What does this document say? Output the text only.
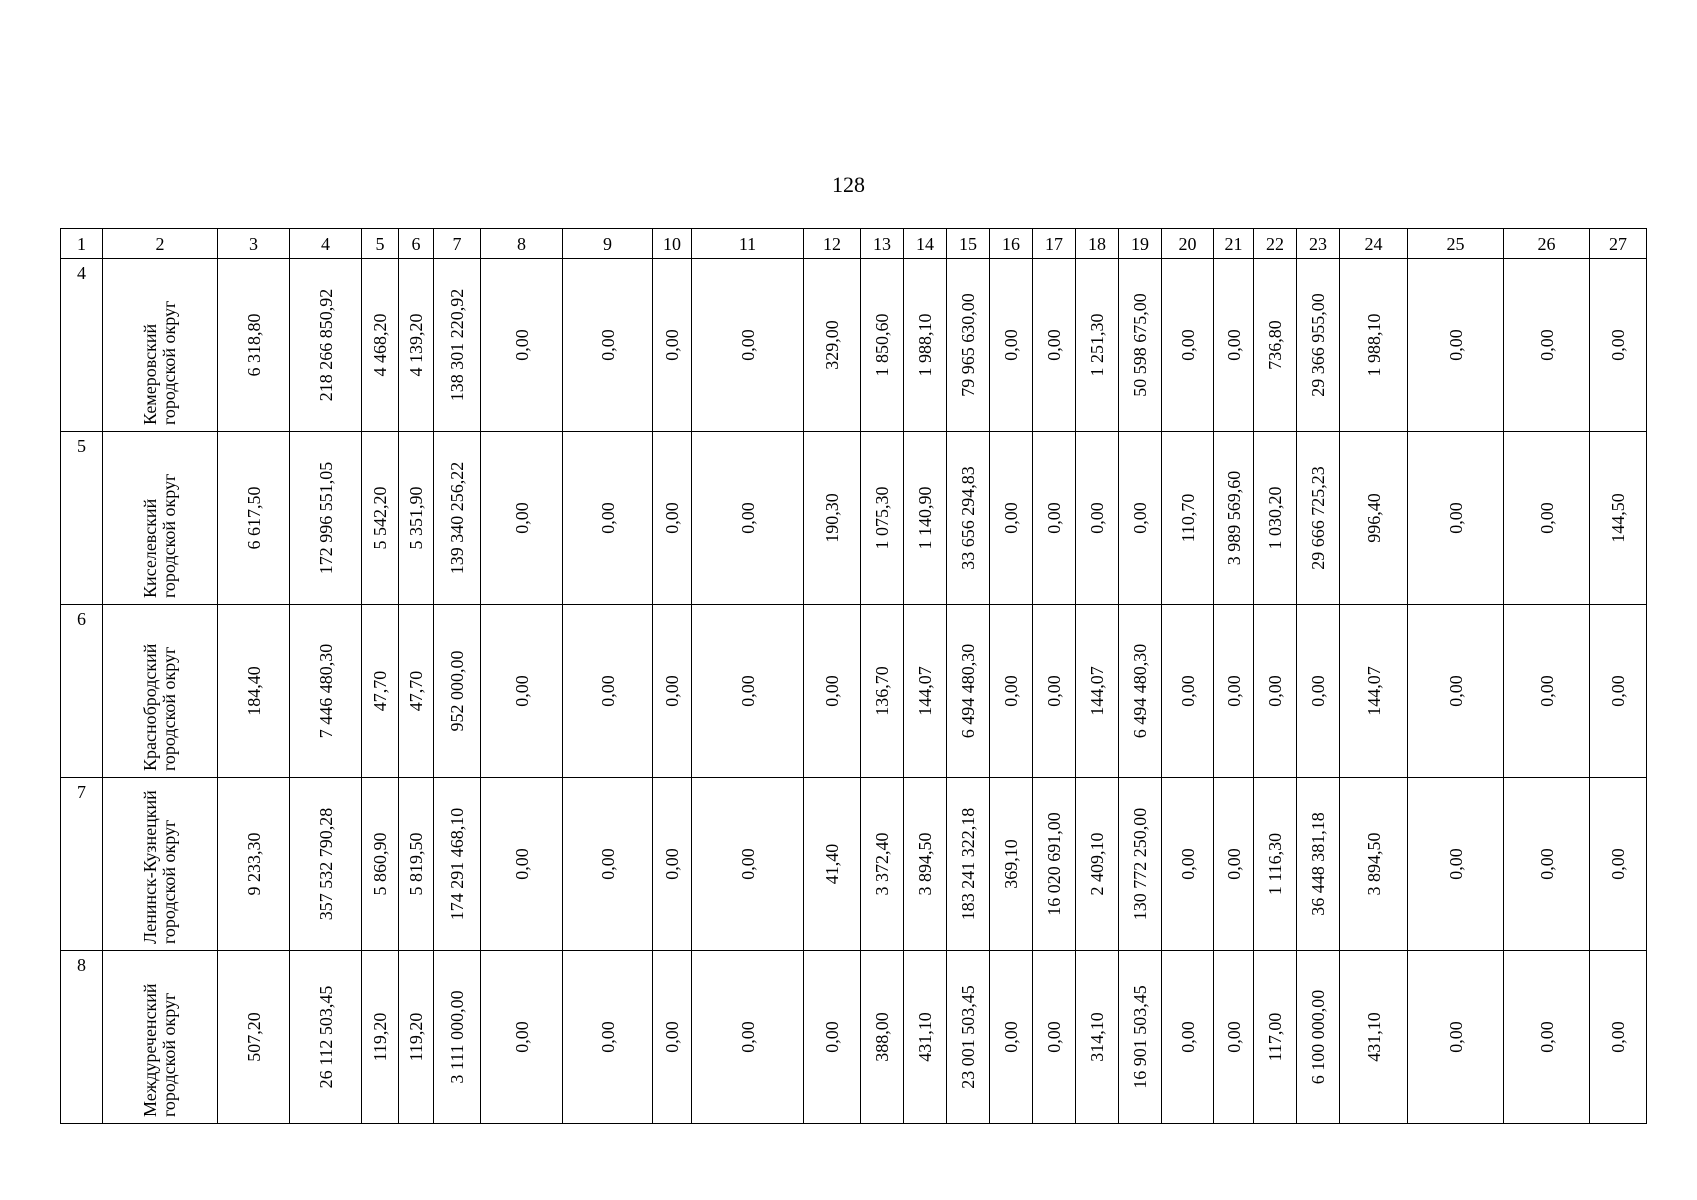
128
1	2	3	4	5	6	7	8	9	10	11	12	13	14	15	16	17	18	19	20	21	22	23	24	25	26	27

4	Кемеровский городской округ	6 318,80	218 266 850,92	4 468,20	4 139,20	138 301 220,92	0,00	0,00	0,00	0,00	329,00	1 850,60	1 988,10	79 965 630,00	0,00	0,00	1 251,30	50 598 675,00	0,00	0,00	736,80	29 366 955,00	1 988,10	0,00	0,00	0,00

5	Киселевский городской округ	6 617,50	172 996 551,05	5 542,20	5 351,90	139 340 256,22	0,00	0,00	0,00	0,00	190,30	1 075,30	1 140,90	33 656 294,83	0,00	0,00	0,00	0,00	110,70	3 989 569,60	1 030,20	29 666 725,23	996,40	0,00	0,00	144,50

6	Краснобродский городской округ	184,40	7 446 480,30	47,70	47,70	952 000,00	0,00	0,00	0,00	0,00	0,00	136,70	144,07	6 494 480,30	0,00	0,00	144,07	6 494 480,30	0,00	0,00	0,00	0,00	144,07	0,00	0,00	0,00

7	Ленинск-Кузнецкий городской округ	9 233,30	357 532 790,28	5 860,90	5 819,50	174 291 468,10	0,00	0,00	0,00	0,00	41,40	3 372,40	3 894,50	183 241 322,18	369,10	16 020 691,00	2 409,10	130 772 250,00	0,00	0,00	1 116,30	36 448 381,18	3 894,50	0,00	0,00	0,00

8	Междуреченский городской округ	507,20	26 112 503,45	119,20	119,20	3 111 000,00	0,00	0,00	0,00	0,00	0,00	388,00	431,10	23 001 503,45	0,00	0,00	314,10	16 901 503,45	0,00	0,00	117,00	6 100 000,00	431,10	0,00	0,00	0,00
